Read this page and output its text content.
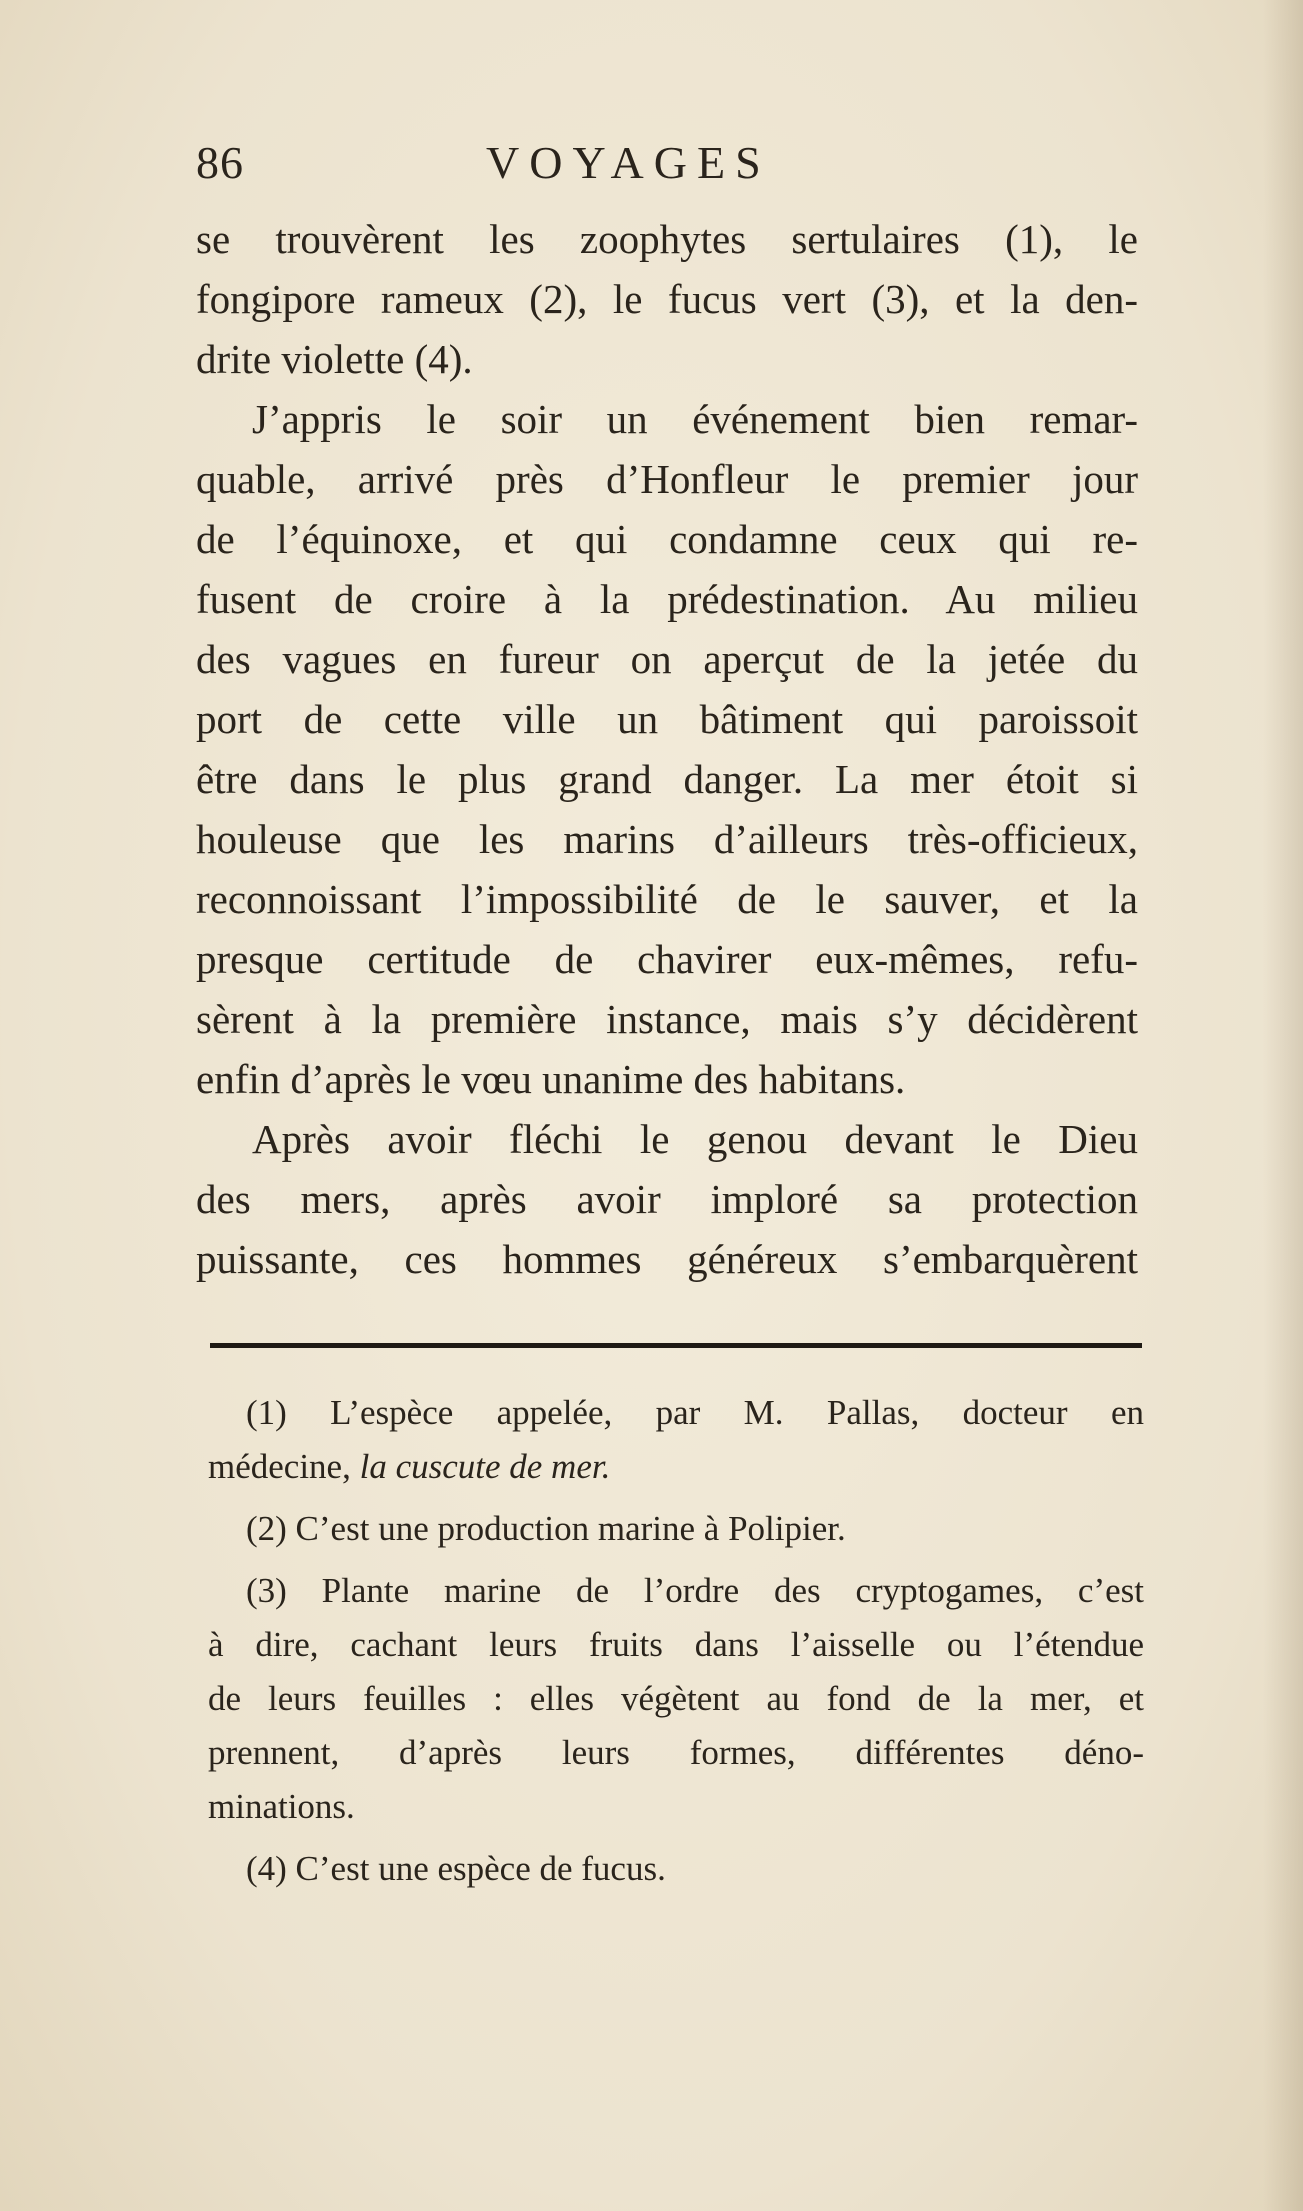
86	VOYAGES
se trouvèrent les zoophytes sertulaires (1), le
fongipore rameux (2), le fucus vert (3), et la den-
drite violette (4).
J’appris le soir un événement bien remar-
quable, arrivé près d’Honfleur le premier jour
de l’équinoxe, et qui condamne ceux qui re-
fusent de croire à la prédestination. Au milieu
des vagues en fureur on aperçut de la jetée du
port de cette ville un bâtiment qui paroissoit
être dans le plus grand danger. La mer étoit si
houleuse que les marins d’ailleurs très-officieux,
reconnoissant l’impossibilité de le sauver, et la
presque certitude de chavirer eux-mêmes, refu-
sèrent à la première instance, mais s’y décidèrent
enfin d’après le vœu unanime des habitans.
Après avoir fléchi le genou devant le Dieu
des mers, après avoir imploré sa protection
puissante, ces hommes généreux s’embarquèrent
(1) L’espèce appelée, par M. Pallas, docteur en
médecine, la cuscute de mer.
(2) C’est une production marine à Polipier.
(3) Plante marine de l’ordre des cryptogames, c’est
à dire, cachant leurs fruits dans l’aisselle ou l’étendue
de leurs feuilles : elles végètent au fond de la mer, et
prennent, d’après leurs formes, différentes déno-
minations.
(4) C’est une espèce de fucus.
